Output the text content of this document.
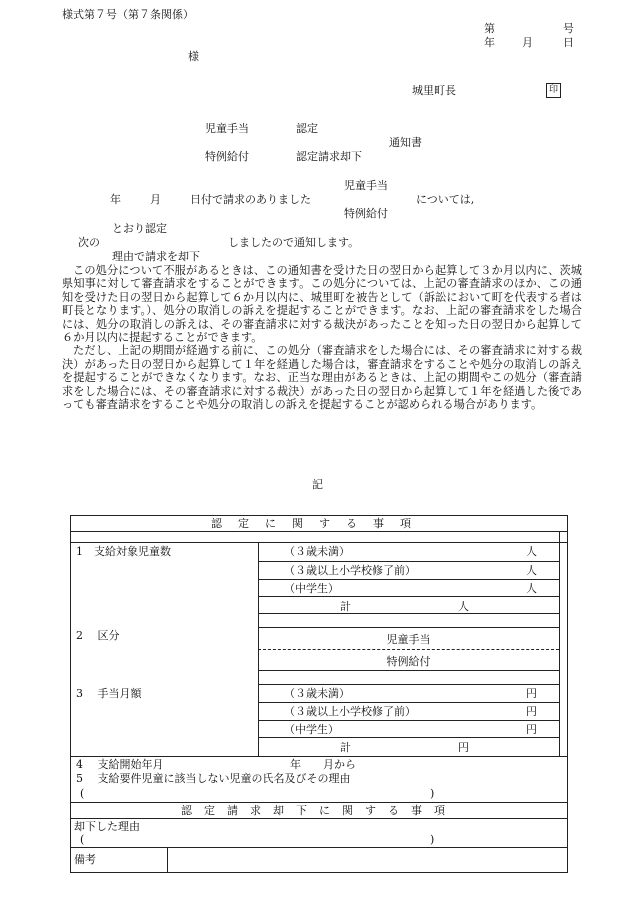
様式第７号（第７条関係）
第	号
年 月	日
様
城里町長	印
児童手当	認定
通知書
特例給付	認定請求却下
児童手当
年	月	日付で請求のありました	については,
特例給付
とおり認定
次の	しましたので通知します。
理由で請求を却下

この処分について不服があるときは、この通知書を受けた日の翌日から起算して３か月以内に、茨城県知事に対して審査請求をすることができます。この処分については、上記の審査請求のほか、この通知を受けた日の翌日から起算して６か月以内に、城里町を被告として（訴訟において町を代表する者は町長となります。）、処分の取消しの訴えを提起することができます。なお、上記の審査請求をした場合には、処分の取消しの訴えは、その審査請求に対する裁決があったことを知った日の翌日から起算して６か月以内に提起することができます。

ただし、上記の期間が経過する前に、この処分（審査請求をした場合には、その審査請求に対する裁決）があった日の翌日から起算して１年を経過した場合は，審査請求をすることや処分の取消しの訴えを提起することができなくなります。なお、正当な理由があるときは、上記の期間やこの処分（審査請求をした場合には、その審査請求に対する裁決）があった日の翌日から起算して１年を経過した後であっても審査請求をすることや処分の取消しの訴えを提起することが認められる場合があります。

記
認定に関する事項
1　支給対象児童数	（３歳未満）	人
（３歳以上小学校修了前）	人
（中学生）	人
計	人
2　 区分	児童手当
特例給付
3　 手当月額	（３歳未満）	円
（３歳以上小学校修了前）	円
（中学生）	円
計	円
4　 支給開始年月	年　　月から
5　 支給要件児童に該当しない児童の氏名及びその理由
(	)
認定請求却下に関する事項
却下した理由
(	)
備考
